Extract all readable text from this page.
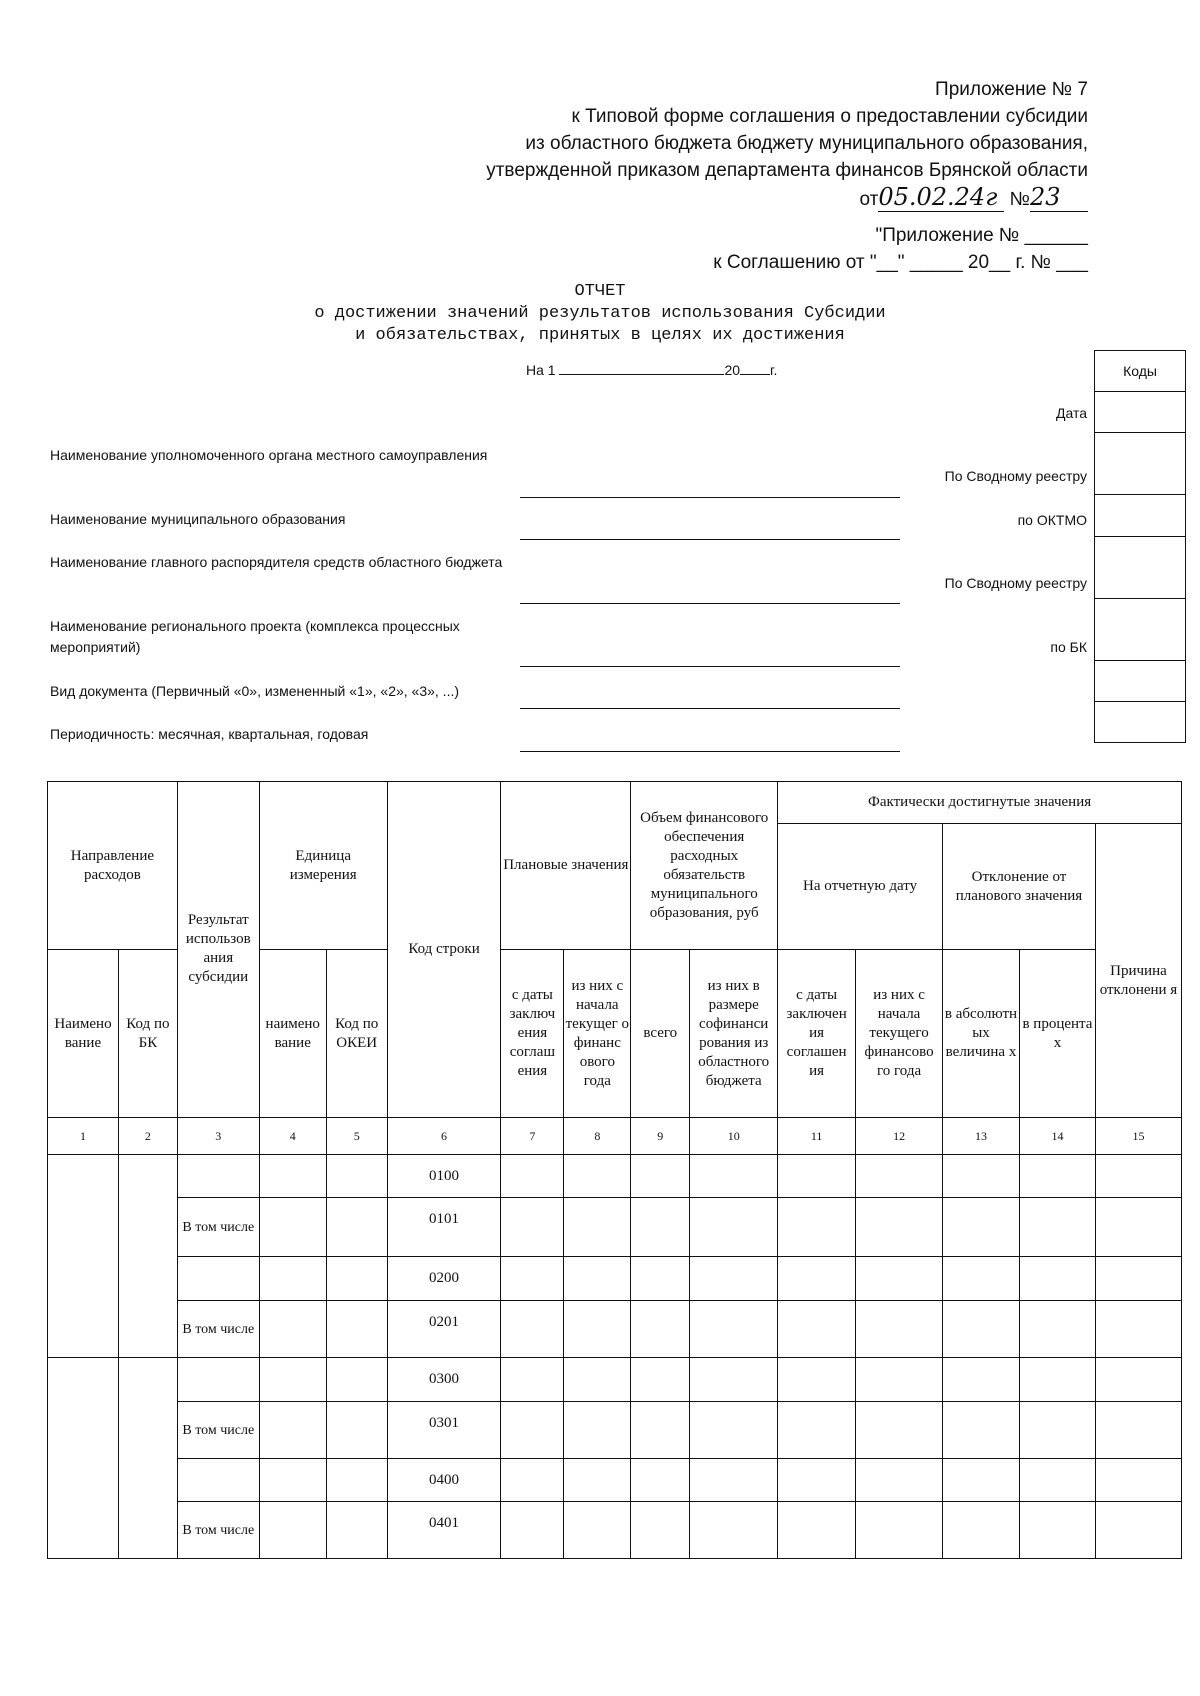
Приложение № 7
к Типовой форме соглашения о предоставлении субсидии
из областного бюджета бюджету муниципального образования,
утвержденной приказом департамента финансов Брянской области
от05.02.24г №23
"Приложение № ______
к Соглашению от "__" _____ 20__ г. № ___
ОТЧЕТ
о достижении значений результатов использования Субсидии
и обязательствах, принятых в целях их достижения
На 1	20 г.	Коды

Дата
По Сводному реестру
по ОКТМО
По Сводному реестру
по БК
Наименование уполномоченного органа местного самоуправления
Наименование муниципального образования
Наименование главного распорядителя средств областного бюджета
Наименование регионального проекта (комплекса процессных мероприятий)
Вид документа (Первичный «0», измененный «1», «2», «3», ...)
Периодичность: месячная, квартальная, годовая
Направление расходов		Результат использов ания субсидии	Единица измерения		Код строки	Плановые значения		Объем финансового обеспечения расходных обязательств муниципального образования, руб		Фактически достигнутые значения				
										На отчетную дату		Отклонение от планового значения		Причина отклонени я

Наимено вание	Код по БК		наимено вание	Код по ОКЕИ		с даты заключ ения соглаш ения	из них с начала текущег о финанс ового года	всего	из них в размере софинанси рования из областного бюджета	с даты заключен ия соглашен ия	из них с начала текущего финансово го года	в абсолютн ых величина х	в процента х	
1	2	3	4	5	6	7	8	9	10	11	12	13	14	15
					0100									
		В том числе			0101									
					0200									
		В том числе			0201									
					0300									
		В том числе			0301									
					0400									
		В том числе			0401									
